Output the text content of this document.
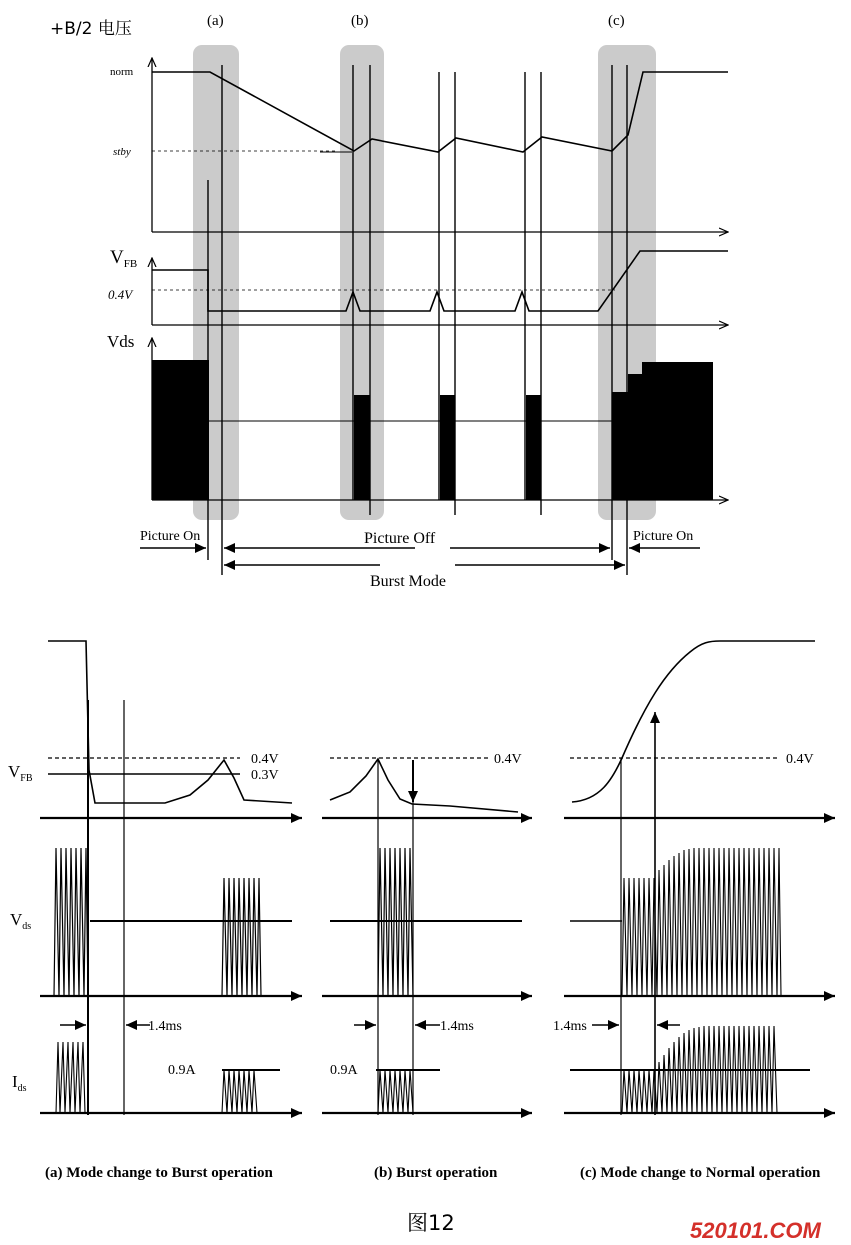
+B/2 电压	(a)	(b)	(c)
norm
stby
$V_{FB}$
0.4V
Vds
Picture On	Picture Off	Picture On
Burst Mode
$V_{FB}$
$V_{ds}$
$I_{ds}$
0.4V
0.3V
1.4ms
0.9A
0.4V
1.4ms
0.9A
0.4V
1.4ms
(a) Mode change to Burst operation	(b) Burst operation	(c) Mode change to Normal operation
图12	520101.COM
